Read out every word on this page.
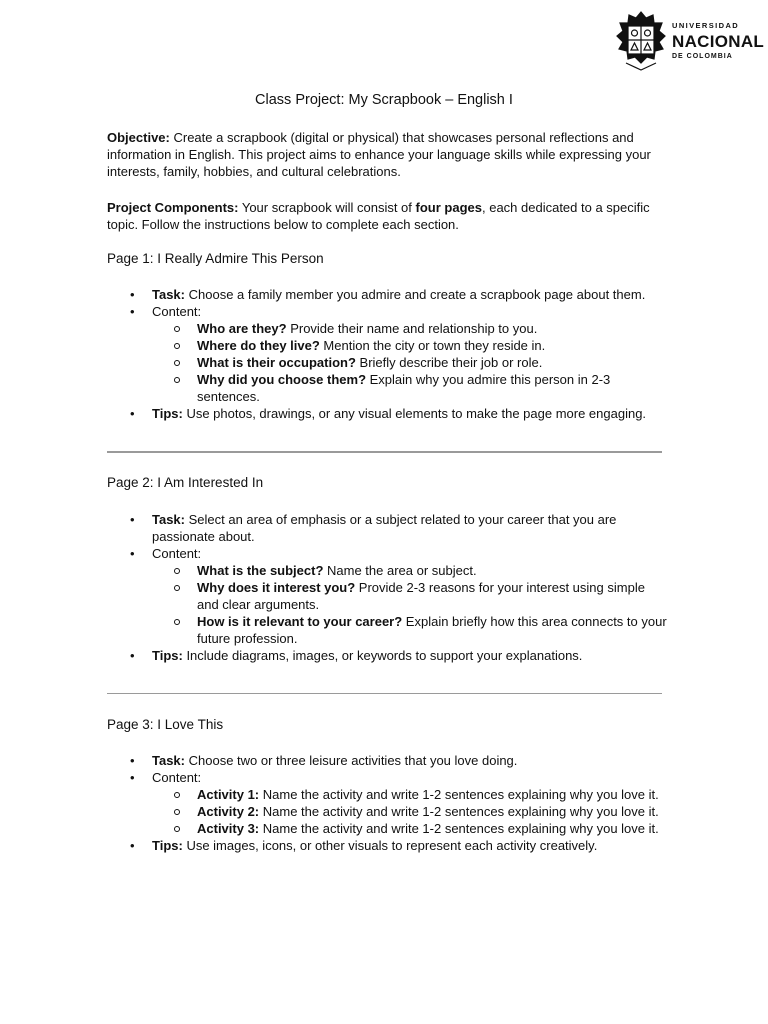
UNIVERSIDAD
NACIONAL
DE COLOMBIA
Class Project: My Scrapbook – English I

Objective: Create a scrapbook (digital or physical) that showcases personal reflections and information in English. This project aims to enhance your language skills while expressing your interests, family, hobbies, and cultural celebrations.

Project Components: Your scrapbook will consist of four pages, each dedicated to a specific topic. Follow the instructions below to complete each section.

Page 1: I Really Admire This Person
• Task: Choose a family member you admire and create a scrapbook page about them.
• Content:
Who are they? Provide their name and relationship to you.
Where do they live? Mention the city or town they reside in.
What is their occupation? Briefly describe their job or role.
Why did you choose them? Explain why you admire this person in 2-3 sentences.
• Tips: Use photos, drawings, or any visual elements to make the page more engaging.
Page 2: I Am Interested In
• Task: Select an area of emphasis or a subject related to your career that you are passionate about.
• Content:
What is the subject? Name the area or subject.
Why does it interest you? Provide 2-3 reasons for your interest using simple and clear arguments.
How is it relevant to your career? Explain briefly how this area connects to your future profession.
• Tips: Include diagrams, images, or keywords to support your explanations.
Page 3: I Love This
• Task: Choose two or three leisure activities that you love doing.
• Content:
Activity 1: Name the activity and write 1-2 sentences explaining why you love it.
Activity 2: Name the activity and write 1-2 sentences explaining why you love it.
Activity 3: Name the activity and write 1-2 sentences explaining why you love it.
• Tips: Use images, icons, or other visuals to represent each activity creatively.
